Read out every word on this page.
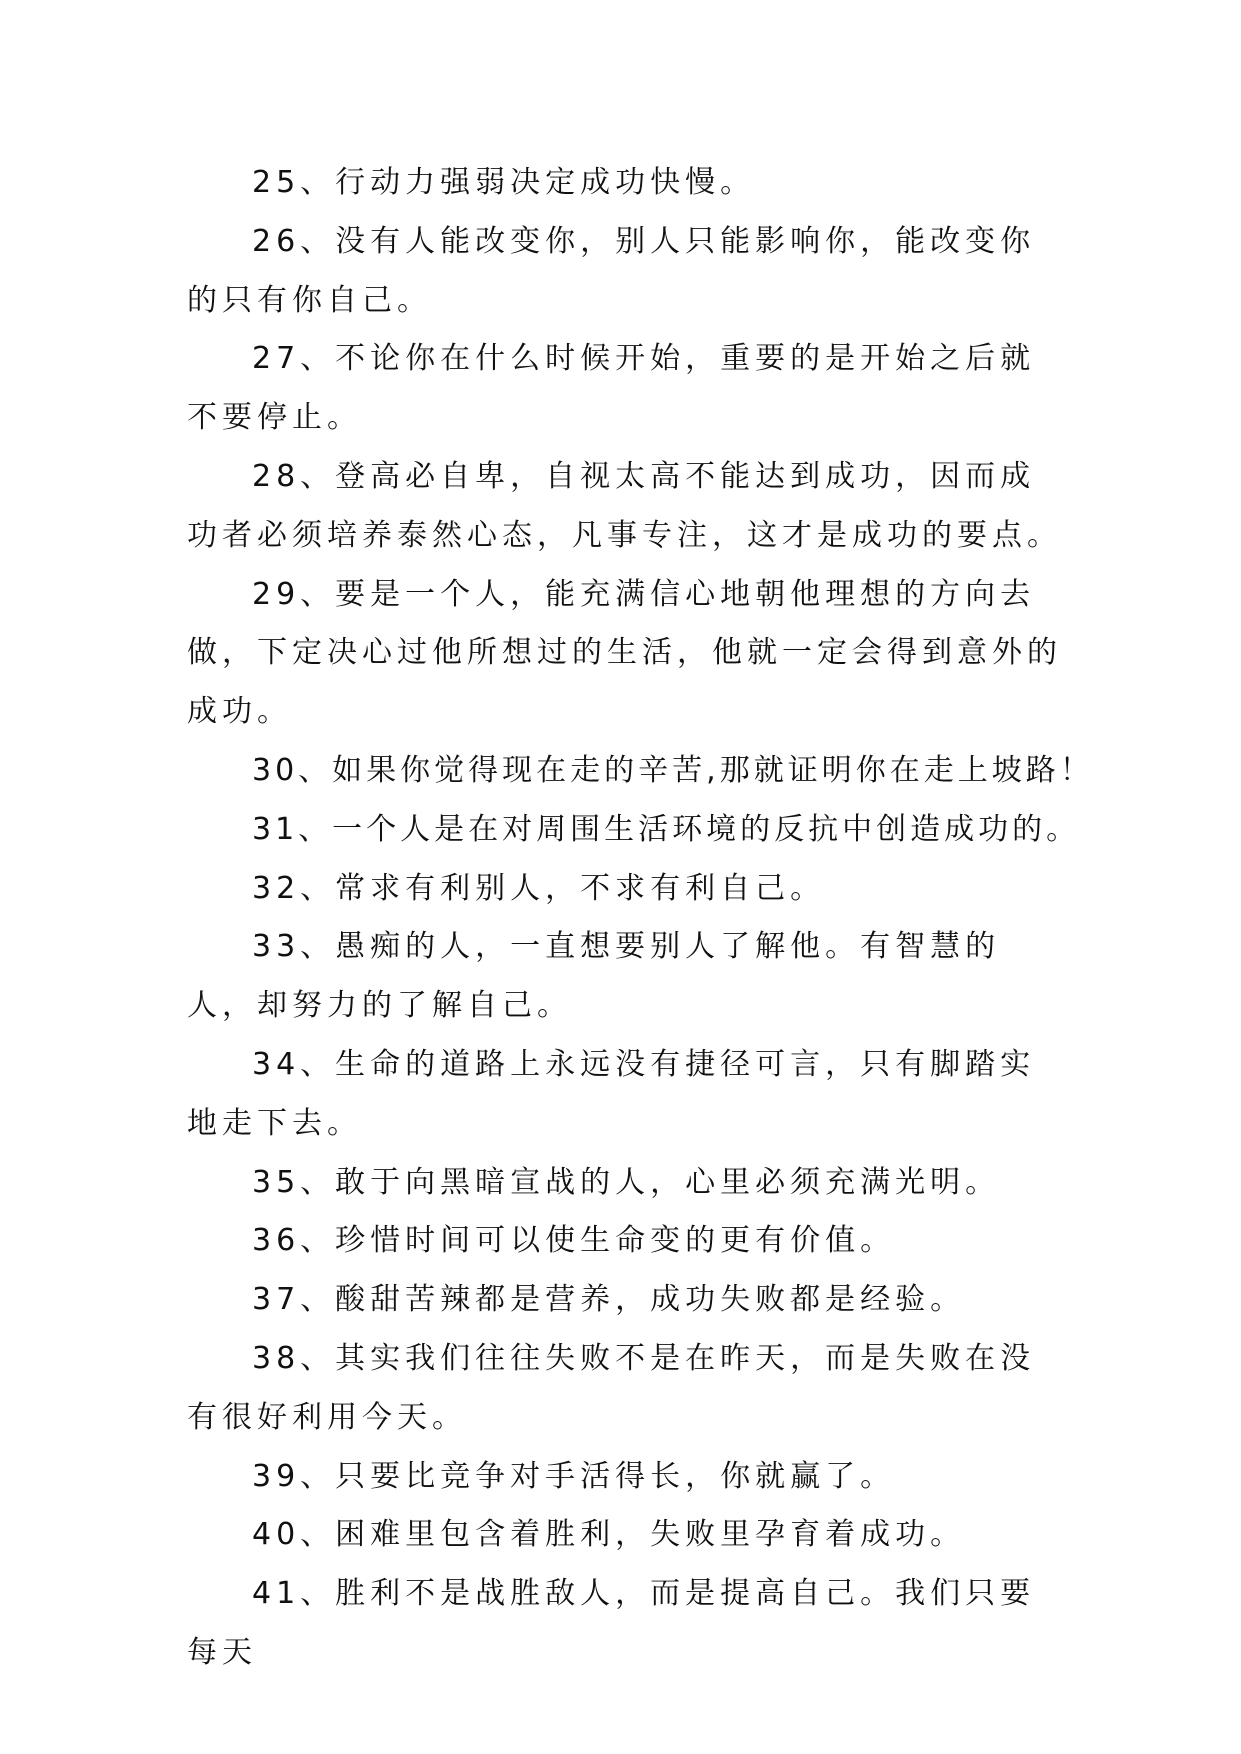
25、行动力强弱决定成功快慢。

26、没有人能改变你，别人只能影响你，能改变你的只有你自己。

27、不论你在什么时候开始，重要的是开始之后就不要停止。

28、登高必自卑，自视太高不能达到成功，因而成功者必须培养泰然心态，凡事专注，这才是成功的要点。

29、要是一个人，能充满信心地朝他理想的方向去做，下定决心过他所想过的生活，他就一定会得到意外的成功。

30、如果你觉得现在走的辛苦,那就证明你在走上坡路！

31、一个人是在对周围生活环境的反抗中创造成功的。

32、常求有利别人，不求有利自己。

33、愚痴的人，一直想要别人了解他。有智慧的人，却努力的了解自己。

34、生命的道路上永远没有捷径可言，只有脚踏实地走下去。

35、敢于向黑暗宣战的人，心里必须充满光明。

36、珍惜时间可以使生命变的更有价值。

37、酸甜苦辣都是营养，成功失败都是经验。

38、其实我们往往失败不是在昨天，而是失败在没有很好利用今天。

39、只要比竞争对手活得长，你就赢了。

40、困难里包含着胜利，失败里孕育着成功。

41、胜利不是战胜敌人，而是提高自己。我们只要每天
